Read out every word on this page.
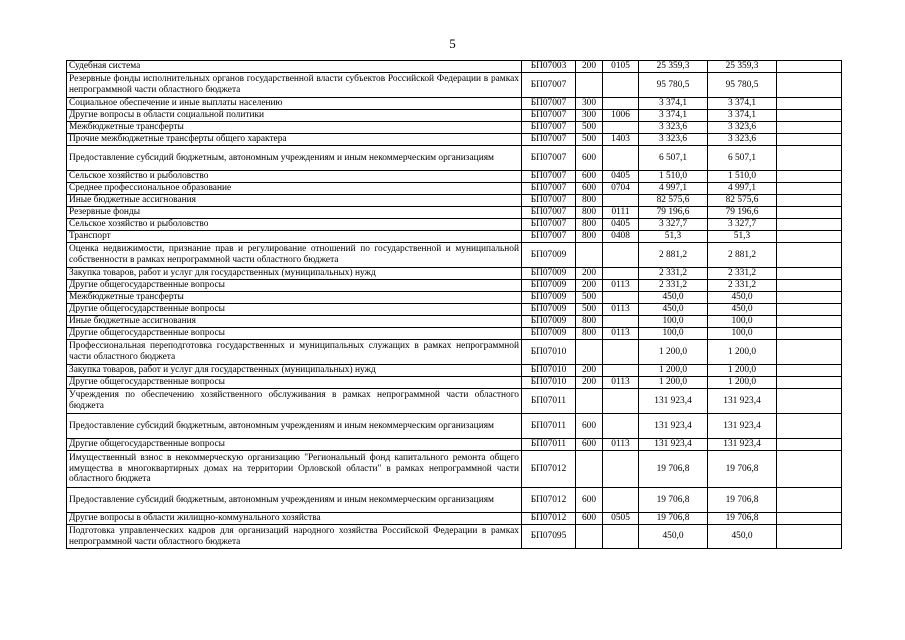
5
Судебная система	БП07003	200	0105	25 359,3	25 359,3	
Резервные фонды исполнительных органов государственной власти субъектов Российской Федерации в рамках непрограммной части областного бюджета	БП07007			95 780,5	95 780,5	
Социальное обеспечение и иные выплаты населению	БП07007	300		3 374,1	3 374,1	
Другие вопросы в области социальной политики	БП07007	300	1006	3 374,1	3 374,1	
Межбюджетные трансферты	БП07007	500		3 323,6	3 323,6	
Прочие межбюджетные трансферты общего характера	БП07007	500	1403	3 323,6	3 323,6	
Предоставление субсидий бюджетным, автономным учреждениям и иным некоммерческим организациям	БП07007	600		6 507,1	6 507,1	
Сельское хозяйство и рыболовство	БП07007	600	0405	1 510,0	1 510,0	
Среднее профессиональное образование	БП07007	600	0704	4 997,1	4 997,1	
Иные бюджетные ассигнования	БП07007	800		82 575,6	82 575,6	
Резервные фонды	БП07007	800	0111	79 196,6	79 196,6	
Сельское хозяйство и рыболовство	БП07007	800	0405	3 327,7	3 327,7	
Транспорт	БП07007	800	0408	51,3	51,3	
Оценка недвижимости, признание прав и регулирование отношений по государственной и муниципальной собственности в рамках непрограммной части областного бюджета	БП07009			2 881,2	2 881,2	
Закупка товаров, работ и услуг для государственных (муниципальных) нужд	БП07009	200		2 331,2	2 331,2	
Другие общегосударственные вопросы	БП07009	200	0113	2 331,2	2 331,2	
Межбюджетные трансферты	БП07009	500		450,0	450,0	
Другие общегосударственные вопросы	БП07009	500	0113	450,0	450,0	
Иные бюджетные ассигнования	БП07009	800		100,0	100,0	
Другие общегосударственные вопросы	БП07009	800	0113	100,0	100,0	
Профессиональная переподготовка государственных и муниципальных служащих в рамках непрограммной части областного бюджета	БП07010			1 200,0	1 200,0	
Закупка товаров, работ и услуг для государственных (муниципальных) нужд	БП07010	200		1 200,0	1 200,0	
Другие общегосударственные вопросы	БП07010	200	0113	1 200,0	1 200,0	
Учреждения по обеспечению хозяйственного обслуживания в рамках непрограммной части областного бюджета	БП07011			131 923,4	131 923,4	
Предоставление субсидий бюджетным, автономным учреждениям и иным некоммерческим организациям	БП07011	600		131 923,4	131 923,4	
Другие общегосударственные вопросы	БП07011	600	0113	131 923,4	131 923,4	
Имущественный взнос в некоммерческую организацию "Региональный фонд капитального ремонта общего имущества в многоквартирных домах на территории Орловской области" в рамках непрограммной части областного бюджета	БП07012			19 706,8	19 706,8	
Предоставление субсидий бюджетным, автономным учреждениям и иным некоммерческим организациям	БП07012	600		19 706,8	19 706,8	
Другие вопросы в области жилищно-коммунального хозяйства	БП07012	600	0505	19 706,8	19 706,8	
Подготовка управленческих кадров для организаций народного хозяйства Российской Федерации в рамках непрограммной части областного бюджета	БП07095			450,0	450,0	
